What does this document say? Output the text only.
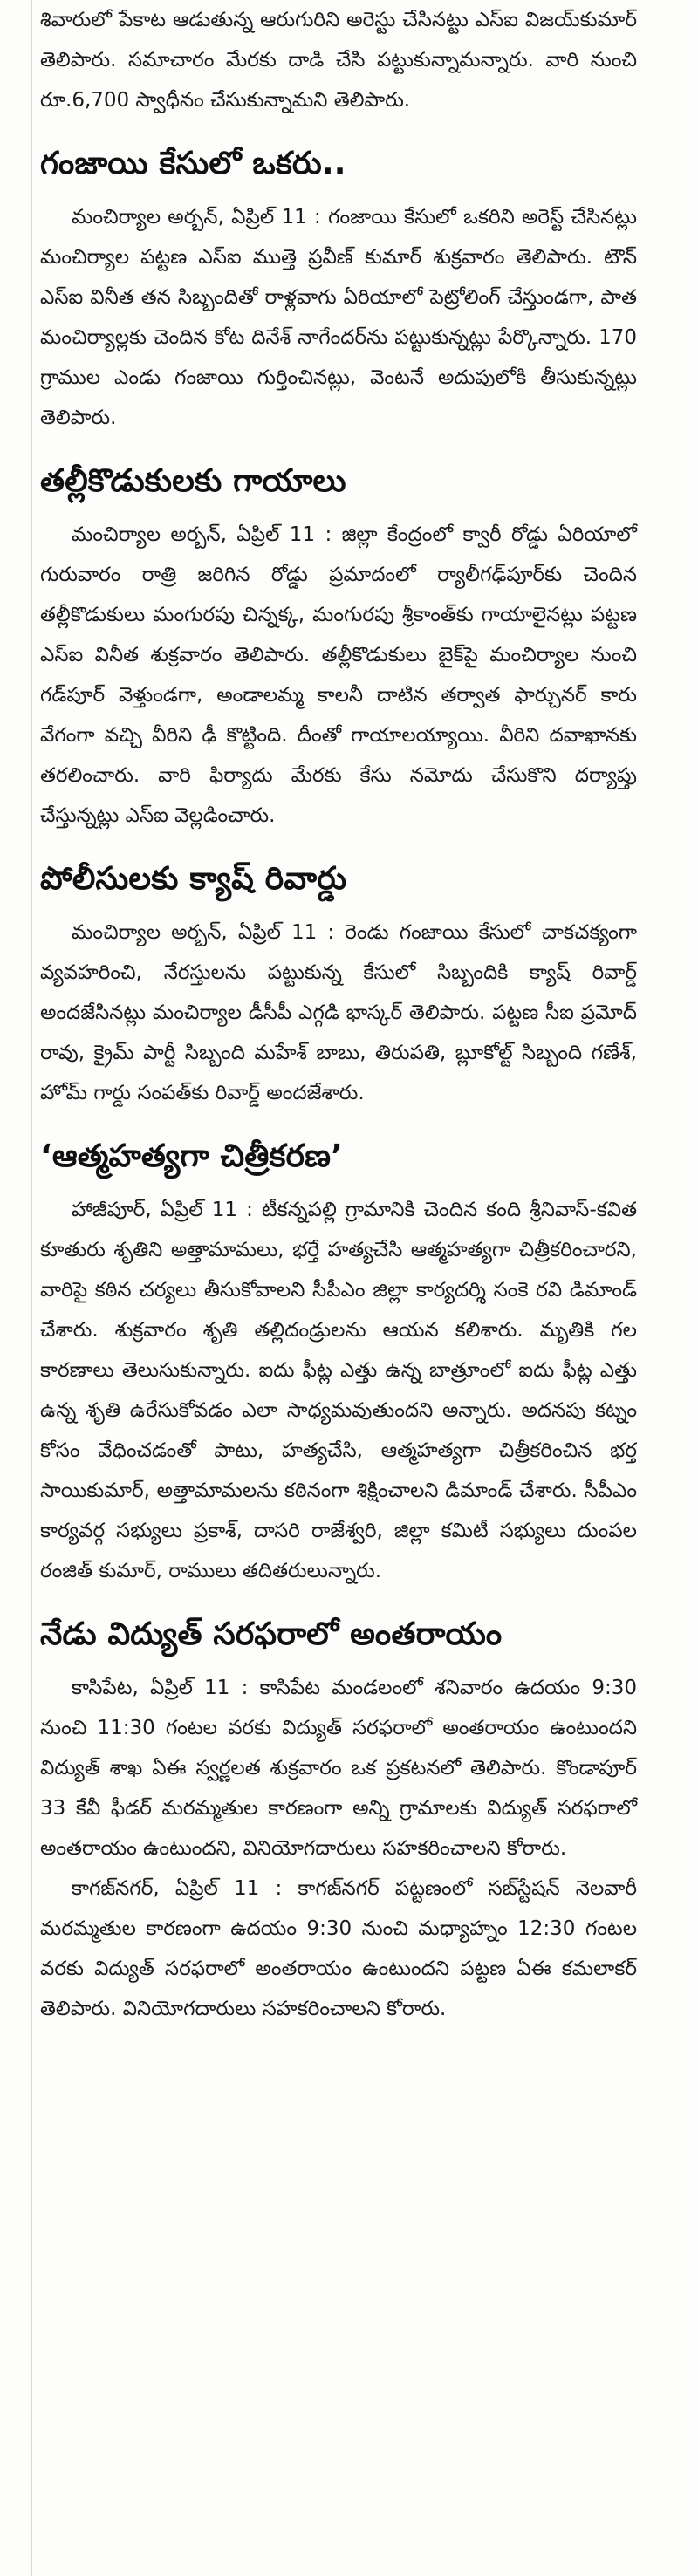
శివారులో పేకాట ఆడుతున్న ఆరుగురిని అరెస్టు చేసినట్టు ఎస్‌ఐ విజయ్‌కుమార్ తెలిపారు. సమాచారం మేరకు దాడి చేసి పట్టుకున్నామన్నారు. వారి నుంచి రూ.6,700 స్వాధీనం చేసుకున్నామని తెలిపారు.

గంజాయి కేసులో ఒకరు..

మంచిర్యాల అర్బన్, ఏప్రిల్ 11 : గంజాయి కేసులో ఒకరిని అరెస్ట్ చేసినట్లు మంచిర్యాల పట్టణ ఎస్ఐ ముత్తె ప్రవీణ్ కుమార్ శుక్రవారం తెలిపారు. టౌన్ ఎస్ఐ వినీత తన సిబ్బందితో రాళ్లవాగు ఏరియాలో పెట్రోలింగ్ చేస్తుండగా, పాత మంచిర్యాల్లకు చెందిన కోట దినేశ్ నాగేందర్‌ను పట్టుకున్నట్లు పేర్కొన్నారు. 170 గ్రాముల ఎండు గంజాయి గుర్తించినట్లు, వెంటనే అదుపులోకి తీసుకున్నట్లు తెలిపారు.

తల్లీకొడుకులకు గాయాలు

మంచిర్యాల అర్బన్, ఏప్రిల్ 11 : జిల్లా కేంద్రంలో క్వారీ రోడ్డు ఏరియాలో గురువారం రాత్రి జరిగిన రోడ్డు ప్రమాదంలో ర్యాలీగఢ్‌పూర్‌కు చెందిన తల్లీకొడుకులు మంగురపు చిన్నక్క, మంగురపు శ్రీకాంత్‌కు గాయాలైనట్లు పట్టణ ఎస్ఐ వినీత శుక్రవారం తెలిపారు. తల్లీకొడుకులు బైక్‌పై మంచిర్యాల నుంచి గడ్‌పూర్ వెళ్తుండగా, అండాలమ్మ కాలనీ దాటిన తర్వాత ఫార్చునర్ కారు వేగంగా వచ్చి వీరిని ఢీ కొట్టింది. దీంతో గాయాలయ్యాయి. వీరిని దవాఖానకు తరలించారు. వారి ఫిర్యాదు మేరకు కేసు నమోదు చేసుకొని దర్యాప్తు చేస్తున్నట్లు ఎస్ఐ వెల్లడించారు.

పోలీసులకు క్యాష్ రివార్డు

మంచిర్యాల అర్బన్, ఏప్రిల్ 11 : రెండు గంజాయి కేసులో చాకచక్యంగా వ్యవహరించి, నేరస్తులను పట్టుకున్న కేసులో సిబ్బందికి క్యాష్ రివార్డ్ అందజేసినట్లు మంచిర్యాల డీసీపీ ఎగ్గడి భాస్కర్ తెలిపారు. పట్టణ సీఐ ప్రమోద్ రావు, క్రైమ్ పార్టీ సిబ్బంది మహేశ్ బాబు, తిరుపతి, బ్లూకోల్ట్ సిబ్బంది గణేశ్, హోమ్ గార్డు సంపత్‌కు రివార్డ్ అందజేశారు.

‘ఆత్మహత్యగా చిత్రీకరణ’

హాజీపూర్, ఏప్రిల్ 11 : టీకన్నపల్లి గ్రామానికి చెందిన కంది శ్రీనివాస్-కవిత కూతురు శృతిని అత్తామామలు, భర్తే హత్యచేసి ఆత్మహత్యగా చిత్రీకరించారని, వారిపై కఠిన చర్యలు తీసుకోవాలని సీపీఎం జిల్లా కార్యదర్శి సంకె రవి డిమాండ్ చేశారు. శుక్రవారం శృతి తల్లిదండ్రులను ఆయన కలిశారు. మృతికి గల కారణాలు తెలుసుకున్నారు. ఐదు ఫీట్ల ఎత్తు ఉన్న బాత్రూంలో ఐదు ఫీట్ల ఎత్తు ఉన్న శృతి ఉరేసుకోవడం ఎలా సాధ్యమవుతుందని అన్నారు. అదనపు కట్నం కోసం వేధించడంతో పాటు, హత్యచేసి, ఆత్మహత్యగా చిత్రీకరించిన భర్త సాయికుమార్, అత్తామామలను కఠినంగా శిక్షించాలని డిమాండ్ చేశారు. సీపీఎం కార్యవర్గ సభ్యులు ప్రకాశ్, దాసరి రాజేశ్వరి, జిల్లా కమిటీ సభ్యులు దుంపల రంజిత్ కుమార్, రాములు తదితరులున్నారు.

నేడు విద్యుత్ సరఫరాలో అంతరాయం

కాసిపేట, ఏప్రిల్ 11 : కాసిపేట మండలంలో శనివారం ఉదయం 9:30 నుంచి 11:30 గంటల వరకు విద్యుత్ సరఫరాలో అంతరాయం ఉంటుందని విద్యుత్ శాఖ ఏఈ స్వర్ణలత శుక్రవారం ఒక ప్రకటనలో తెలిపారు. కొండాపూర్ 33 కేవీ ఫీడర్ మరమ్మతుల కారణంగా అన్ని గ్రామాలకు విద్యుత్ సరఫరాలో అంతరాయం ఉంటుందని, వినియోగదారులు సహకరించాలని కోరారు.

కాగజ్‌నగర్, ఏప్రిల్ 11 : కాగజ్‌నగర్ పట్టణంలో సబ్‌స్టేషన్ నెలవారీ మరమ్మతుల కారణంగా ఉదయం 9:30 నుంచి మధ్యాహ్నం 12:30 గంటల వరకు విద్యుత్ సరఫరాలో అంతరాయం ఉంటుందని పట్టణ ఏఈ కమలాకర్ తెలిపారు. వినియోగదారులు సహకరించాలని కోరారు.
